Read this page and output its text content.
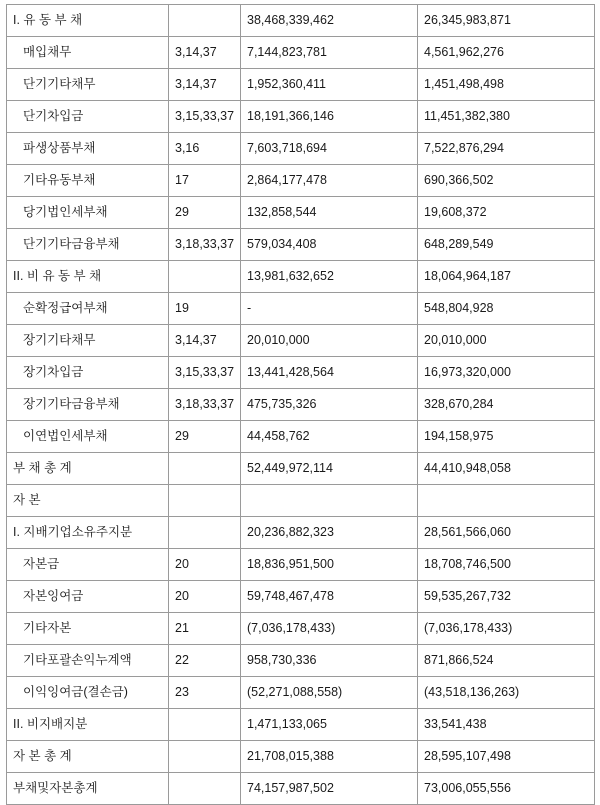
I. 유 동 부 채		38,468,339,462	26,345,983,871
매입채무	3,14,37	7,144,823,781	4,561,962,276
단기기타채무	3,14,37	1,952,360,411	1,451,498,498
단기차입금	3,15,33,37	18,191,366,146	11,451,382,380
파생상품부채	3,16	7,603,718,694	7,522,876,294
기타유동부채	17	2,864,177,478	690,366,502
당기법인세부채	29	132,858,544	19,608,372
단기기타금융부채	3,18,33,37	579,034,408	648,289,549
II. 비 유 동 부 채		13,981,632,652	18,064,964,187
순확정급여부채	19	-	548,804,928
장기기타채무	3,14,37	20,010,000	20,010,000
장기차입금	3,15,33,37	13,441,428,564	16,973,320,000
장기기타금융부채	3,18,33,37	475,735,326	328,670,284
이연법인세부채	29	44,458,762	194,158,975
부 채 총 계		52,449,972,114	44,410,948,058
자 본			
I. 지배기업소유주지분		20,236,882,323	28,561,566,060
자본금	20	18,836,951,500	18,708,746,500
자본잉여금	20	59,748,467,478	59,535,267,732
기타자본	21	(7,036,178,433)	(7,036,178,433)
기타포괄손익누계액	22	958,730,336	871,866,524
이익잉여금(결손금)	23	(52,271,088,558)	(43,518,136,263)
II. 비지배지분		1,471,133,065	33,541,438
자 본 총 계		21,708,015,388	28,595,107,498
부채및자본총계		74,157,987,502	73,006,055,556
